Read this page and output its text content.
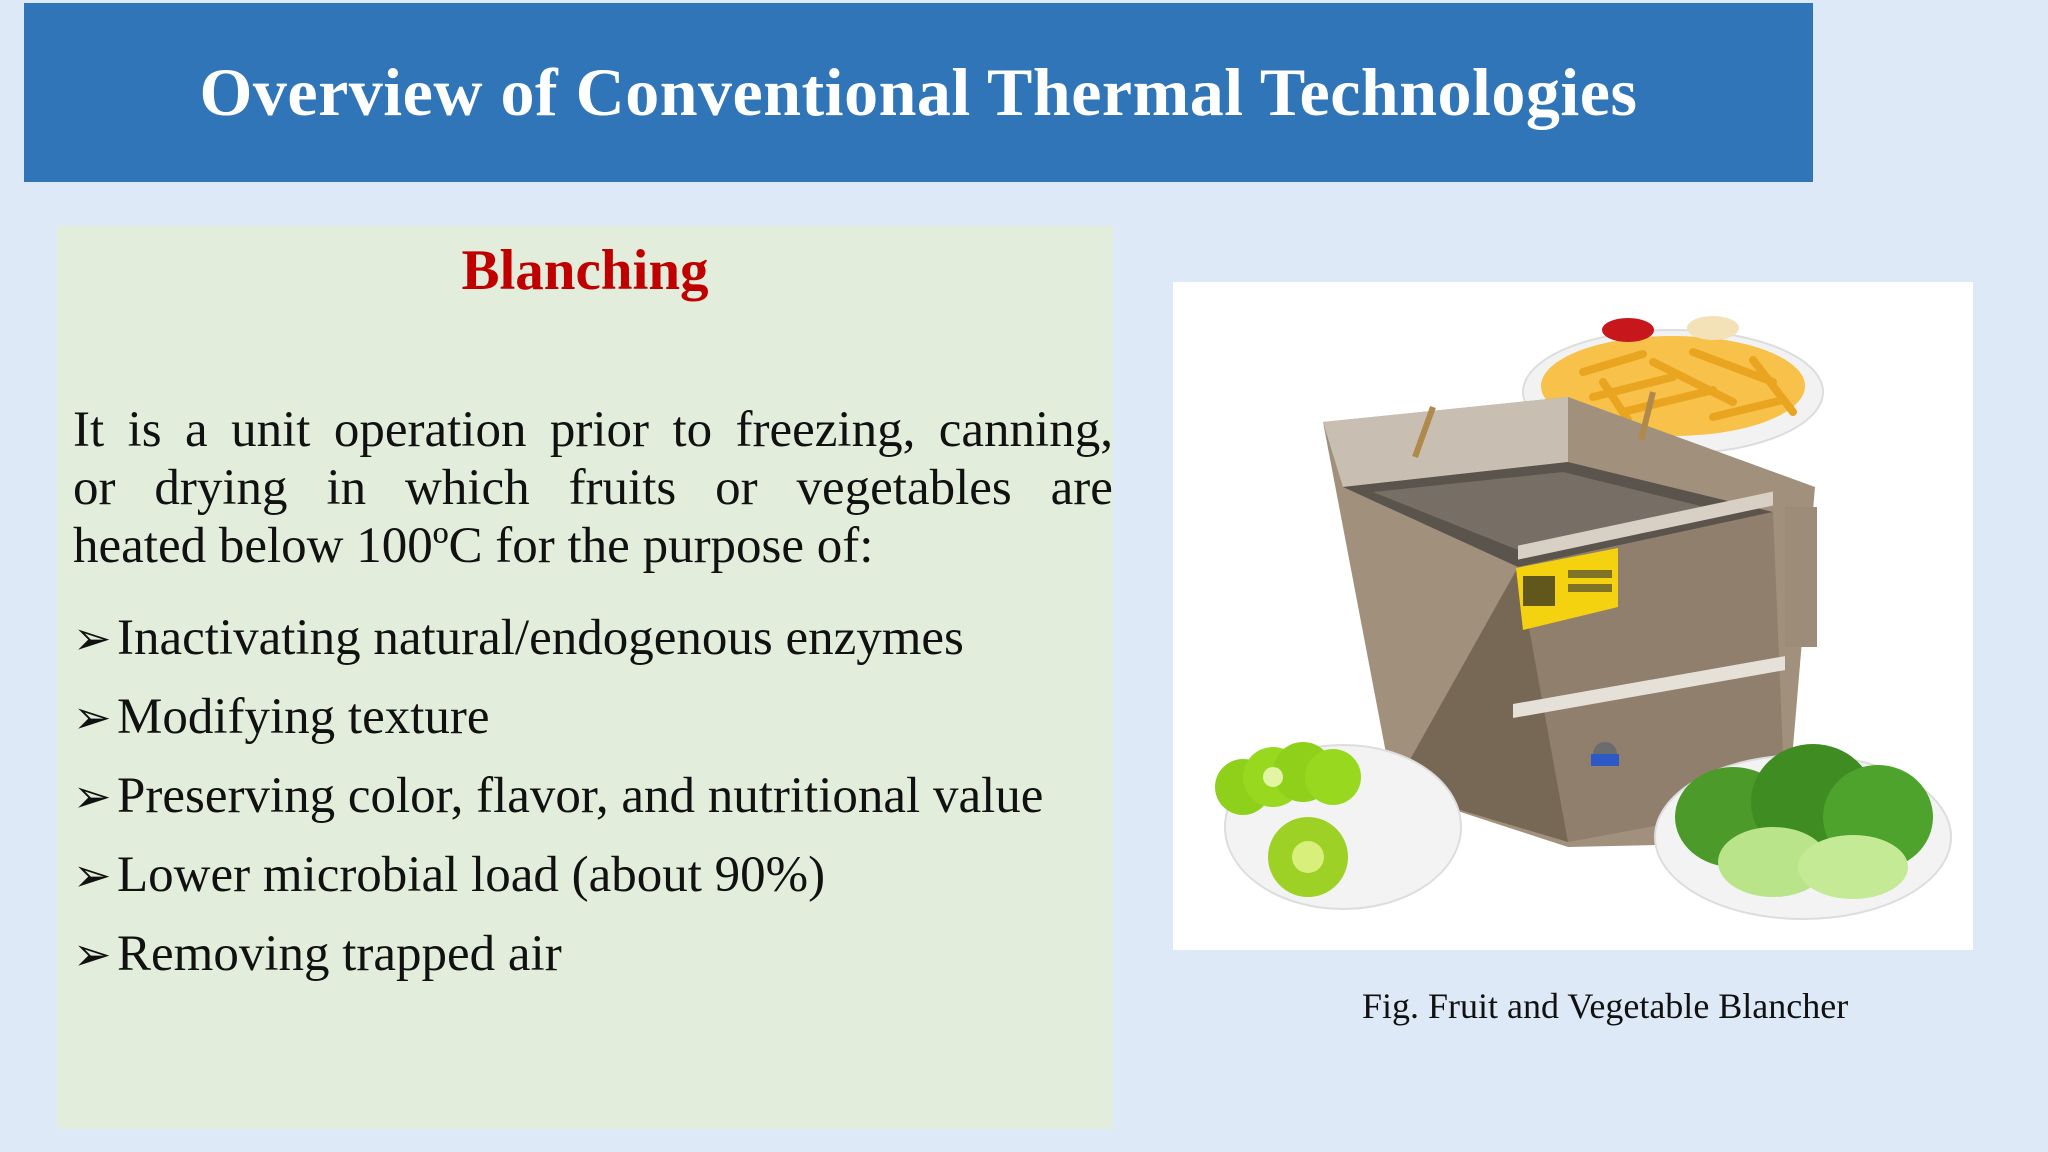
Overview of Conventional Thermal Technologies
Blanching
It is a unit operation prior to freezing, canning,
or drying in which fruits or vegetables are
heated below 100ºC for the purpose of:
➢ Inactivating natural/endogenous enzymes
➢ Modifying texture
➢ Preserving color, flavor, and nutritional value
➢ Lower microbial load (about 90%)
➢ Removing trapped air
Fig. Fruit and Vegetable Blancher
